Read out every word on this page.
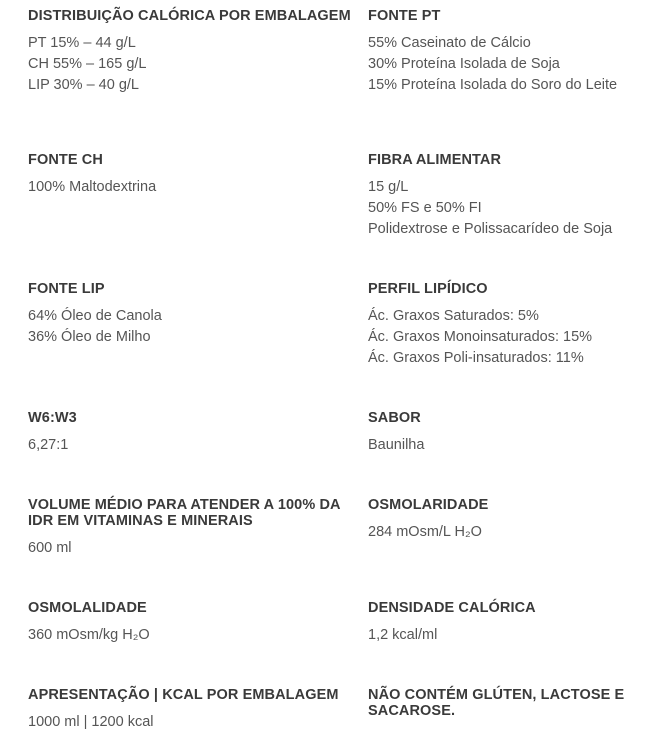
DISTRIBUIÇÃO CALÓRICA POR EMBALAGEM
PT 15% – 44 g/L
CH 55% – 165 g/L
LIP 30% – 40 g/L
FONTE PT
55% Caseinato de Cálcio
30% Proteína Isolada de Soja
15% Proteína Isolada do Soro do Leite
FONTE CH
100% Maltodextrina
FIBRA ALIMENTAR
15 g/L
50% FS e 50% FI
Polidextrose e Polissacarídeo de Soja
FONTE LIP
64% Óleo de Canola
36% Óleo de Milho
PERFIL LIPÍDICO
Ác. Graxos Saturados: 5%
Ác. Graxos Monoinsaturados: 15%
Ác. Graxos Poli-insaturados: 11%
W6:W3
6,27:1
SABOR
Baunilha
VOLUME MÉDIO PARA ATENDER A 100% DA IDR EM VITAMINAS E MINERAIS
600 ml
OSMOLARIDADE
284 mOsm/L H₂O
OSMOLALIDADE
360 mOsm/kg H₂O
DENSIDADE CALÓRICA
1,2 kcal/ml
APRESENTAÇÃO | KCAL POR EMBALAGEM
1000 ml | 1200 kcal
NÃO CONTÉM GLÚTEN, LACTOSE E SACAROSE.
